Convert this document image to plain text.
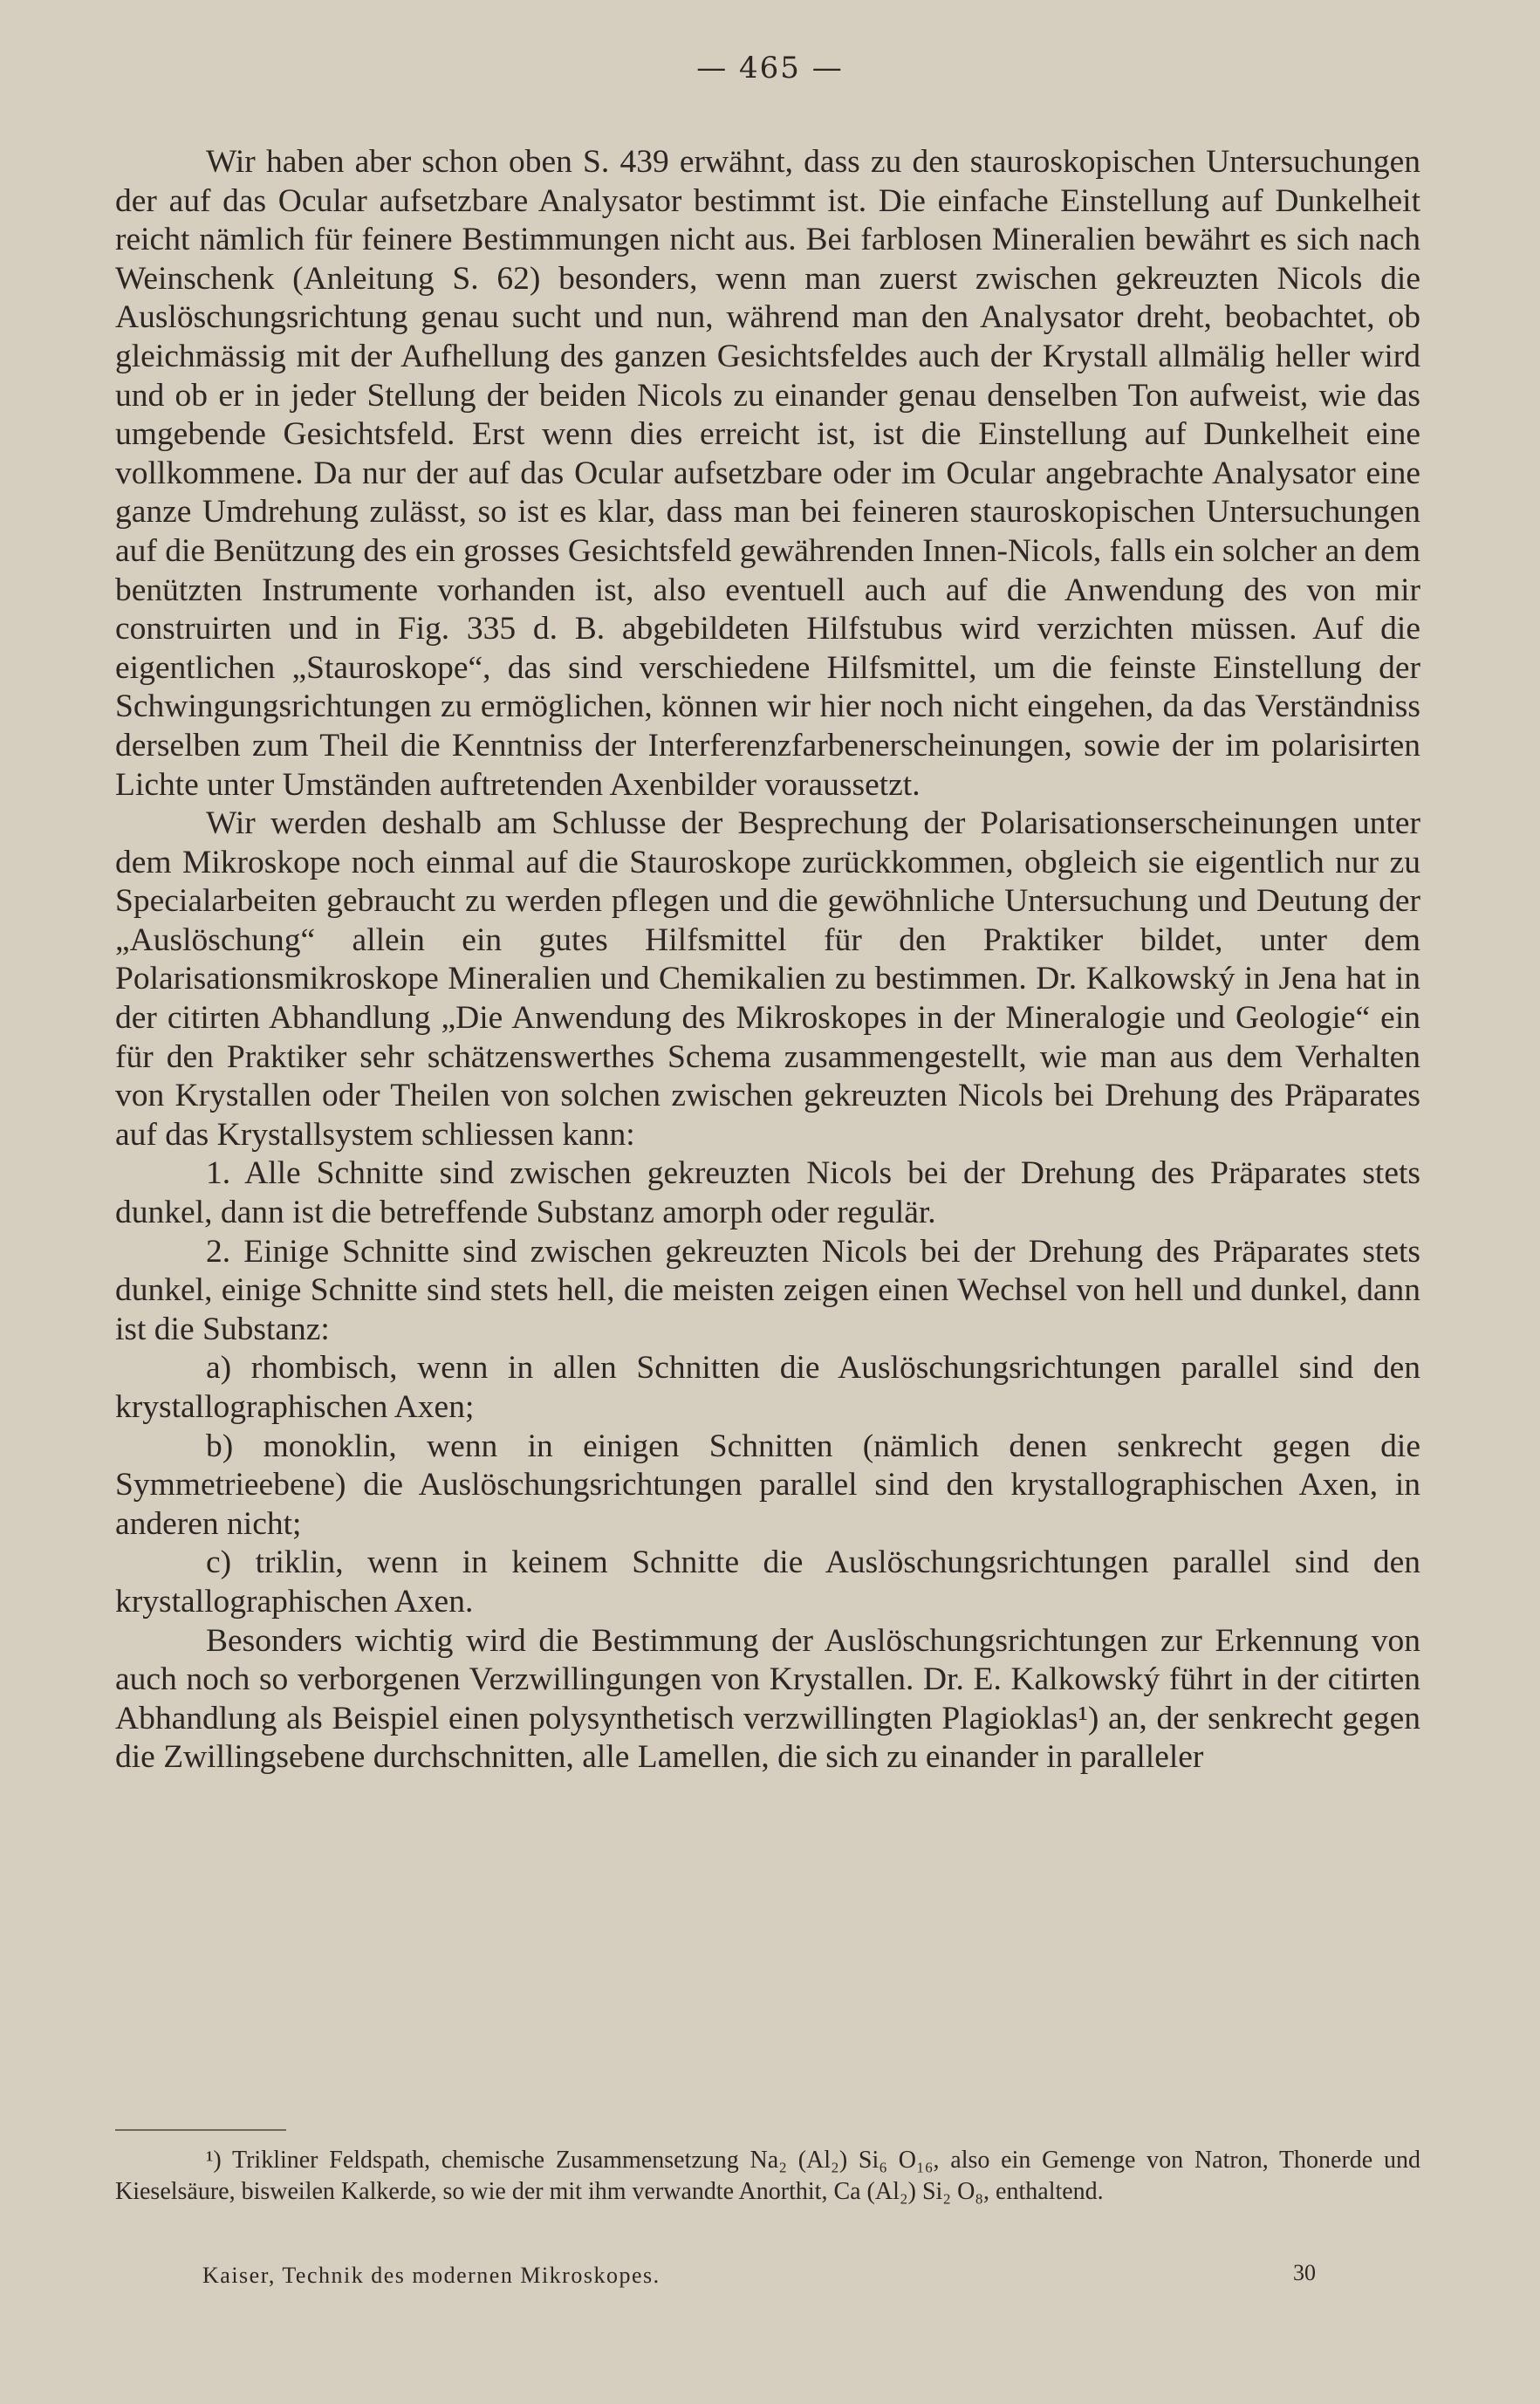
— 465 —

Wir haben aber schon oben S. 439 erwähnt, dass zu den stauroskopischen Untersuchungen der auf das Ocular aufsetzbare Analysator bestimmt ist. Die einfache Einstellung auf Dunkelheit reicht nämlich für feinere Bestimmungen nicht aus. Bei farblosen Mineralien bewährt es sich nach Weinschenk (Anleitung S. 62) besonders, wenn man zuerst zwischen gekreuzten Nicols die Auslöschungsrichtung genau sucht und nun, während man den Analysator dreht, beobachtet, ob gleichmässig mit der Aufhellung des ganzen Gesichtsfeldes auch der Krystall allmälig heller wird und ob er in jeder Stellung der beiden Nicols zu einander genau denselben Ton aufweist, wie das umgebende Gesichtsfeld. Erst wenn dies erreicht ist, ist die Einstellung auf Dunkelheit eine vollkommene. Da nur der auf das Ocular aufsetzbare oder im Ocular angebrachte Analysator eine ganze Umdrehung zulässt, so ist es klar, dass man bei feineren stauroskopischen Untersuchungen auf die Benützung des ein grosses Gesichtsfeld gewährenden Innen-Nicols, falls ein solcher an dem benützten Instrumente vorhanden ist, also eventuell auch auf die Anwendung des von mir construirten und in Fig. 335 d. B. abgebildeten Hilfstubus wird verzichten müssen. Auf die eigentlichen „Stauroskope“, das sind verschiedene Hilfsmittel, um die feinste Einstellung der Schwingungsrichtungen zu ermöglichen, können wir hier noch nicht eingehen, da das Verständniss derselben zum Theil die Kenntniss der Interferenzfarbenerscheinungen, sowie der im polarisirten Lichte unter Umständen auftretenden Axenbilder voraussetzt.

Wir werden deshalb am Schlusse der Besprechung der Polarisationserscheinungen unter dem Mikroskope noch einmal auf die Stauroskope zurückkommen, obgleich sie eigentlich nur zu Specialarbeiten gebraucht zu werden pflegen und die gewöhnliche Untersuchung und Deutung der „Auslöschung“ allein ein gutes Hilfsmittel für den Praktiker bildet, unter dem Polarisationsmikroskope Mineralien und Chemikalien zu bestimmen. Dr. Kalkowský in Jena hat in der citirten Abhandlung „Die Anwendung des Mikroskopes in der Mineralogie und Geologie“ ein für den Praktiker sehr schätzenswerthes Schema zusammengestellt, wie man aus dem Verhalten von Krystallen oder Theilen von solchen zwischen gekreuzten Nicols bei Drehung des Präparates auf das Krystallsystem schliessen kann:

1. Alle Schnitte sind zwischen gekreuzten Nicols bei der Drehung des Präparates stets dunkel, dann ist die betreffende Substanz amorph oder regulär.

2. Einige Schnitte sind zwischen gekreuzten Nicols bei der Drehung des Präparates stets dunkel, einige Schnitte sind stets hell, die meisten zeigen einen Wechsel von hell und dunkel, dann ist die Substanz:

a) rhombisch, wenn in allen Schnitten die Auslöschungsrichtungen parallel sind den krystallographischen Axen;

b) monoklin, wenn in einigen Schnitten (nämlich denen senkrecht gegen die Symmetrieebene) die Auslöschungsrichtungen parallel sind den krystallographischen Axen, in anderen nicht;

c) triklin, wenn in keinem Schnitte die Auslöschungsrichtungen parallel sind den krystallographischen Axen.

Besonders wichtig wird die Bestimmung der Auslöschungsrichtungen zur Erkennung von auch noch so verborgenen Verzwillingungen von Krystallen. Dr. E. Kalkowský führt in der citirten Abhandlung als Beispiel einen polysynthetisch verzwillingten Plagioklas¹) an, der senkrecht gegen die Zwillingsebene durchschnitten, alle Lamellen, die sich zu einander in paralleler

¹) Trikliner Feldspath, chemische Zusammensetzung Na₂ (Al₂) Si₆ O₁₆, also ein Gemenge von Natron, Thonerde und Kieselsäure, bisweilen Kalkerde, so wie der mit ihm verwandte Anorthit, Ca (Al₂) Si₂ O₈, enthaltend.

Kaiser, Technik des modernen Mikroskopes.	30
